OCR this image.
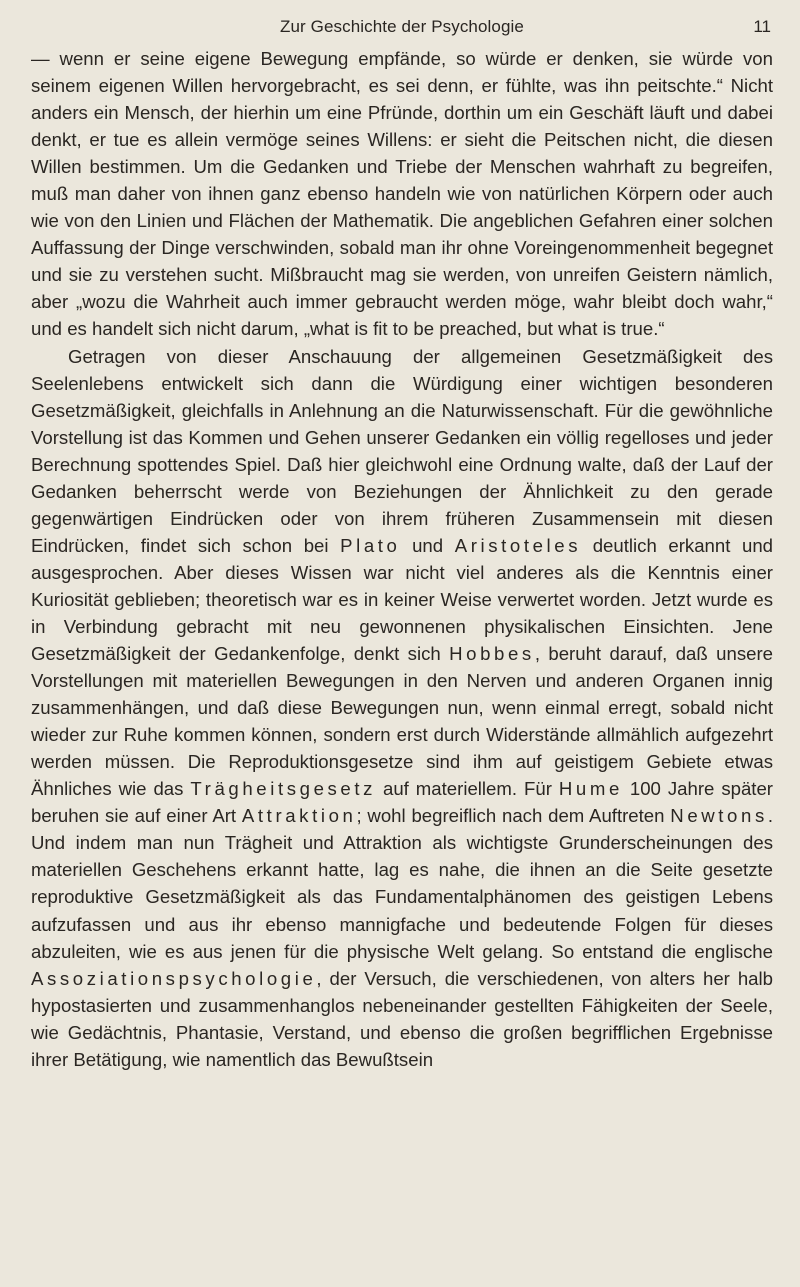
Zur Geschichte der Psychologie	11

— wenn er seine eigene Bewegung empfände, so würde er denken, sie würde von seinem eigenen Willen hervorgebracht, es sei denn, er fühlte, was ihn peitschte.“ Nicht anders ein Mensch, der hierhin um eine Pfründe, dorthin um ein Geschäft läuft und dabei denkt, er tue es allein vermöge seines Willens: er sieht die Peitschen nicht, die diesen Willen bestimmen. Um die Gedanken und Triebe der Menschen wahrhaft zu begreifen, muß man daher von ihnen ganz ebenso handeln wie von natürlichen Körpern oder auch wie von den Linien und Flächen der Mathematik. Die angeblichen Gefahren einer solchen Auffassung der Dinge verschwinden, sobald man ihr ohne Voreingenommenheit begegnet und sie zu verstehen sucht. Mißbraucht mag sie werden, von unreifen Geistern nämlich, aber „wozu die Wahrheit auch immer gebraucht werden möge, wahr bleibt doch wahr,“ und es handelt sich nicht darum, „what is fit to be preached, but what is true.“

Getragen von dieser Anschauung der allgemeinen Gesetzmäßigkeit des Seelenlebens entwickelt sich dann die Würdigung einer wichtigen besonderen Gesetzmäßigkeit, gleichfalls in Anlehnung an die Naturwissenschaft. Für die gewöhnliche Vorstellung ist das Kommen und Gehen unserer Gedanken ein völlig regelloses und jeder Berechnung spottendes Spiel. Daß hier gleichwohl eine Ordnung walte, daß der Lauf der Gedanken beherrscht werde von Beziehungen der Ähnlichkeit zu den gerade gegenwärtigen Eindrücken oder von ihrem früheren Zusammensein mit diesen Eindrücken, findet sich schon bei Plato und Aristoteles deutlich erkannt und ausgesprochen. Aber dieses Wissen war nicht viel anderes als die Kenntnis einer Kuriosität geblieben; theoretisch war es in keiner Weise verwertet worden. Jetzt wurde es in Verbindung gebracht mit neu gewonnenen physikalischen Einsichten. Jene Gesetzmäßigkeit der Gedankenfolge, denkt sich Hobbes, beruht darauf, daß unsere Vorstellungen mit materiellen Bewegungen in den Nerven und anderen Organen innig zusammenhängen, und daß diese Bewegungen nun, wenn einmal erregt, sobald nicht wieder zur Ruhe kommen können, sondern erst durch Widerstände allmählich aufgezehrt werden müssen. Die Reproduktionsgesetze sind ihm auf geistigem Gebiete etwas Ähnliches wie das Trägheitsgesetz auf materiellem. Für Hume 100 Jahre später beruhen sie auf einer Art Attraktion; wohl begreiflich nach dem Auftreten Newtons. Und indem man nun Trägheit und Attraktion als wichtigste Grunderscheinungen des materiellen Geschehens erkannt hatte, lag es nahe, die ihnen an die Seite gesetzte reproduktive Gesetzmäßigkeit als das Fundamentalphänomen des geistigen Lebens aufzufassen und aus ihr ebenso mannigfache und bedeutende Folgen für dieses abzuleiten, wie es aus jenen für die physische Welt gelang. So entstand die englische Assoziationspsychologie, der Versuch, die verschiedenen, von alters her halb hypostasierten und zusammenhanglos nebeneinander gestellten Fähigkeiten der Seele, wie Gedächtnis, Phantasie, Verstand, und ebenso die großen begrifflichen Ergebnisse ihrer Betätigung, wie namentlich das Bewußtsein
